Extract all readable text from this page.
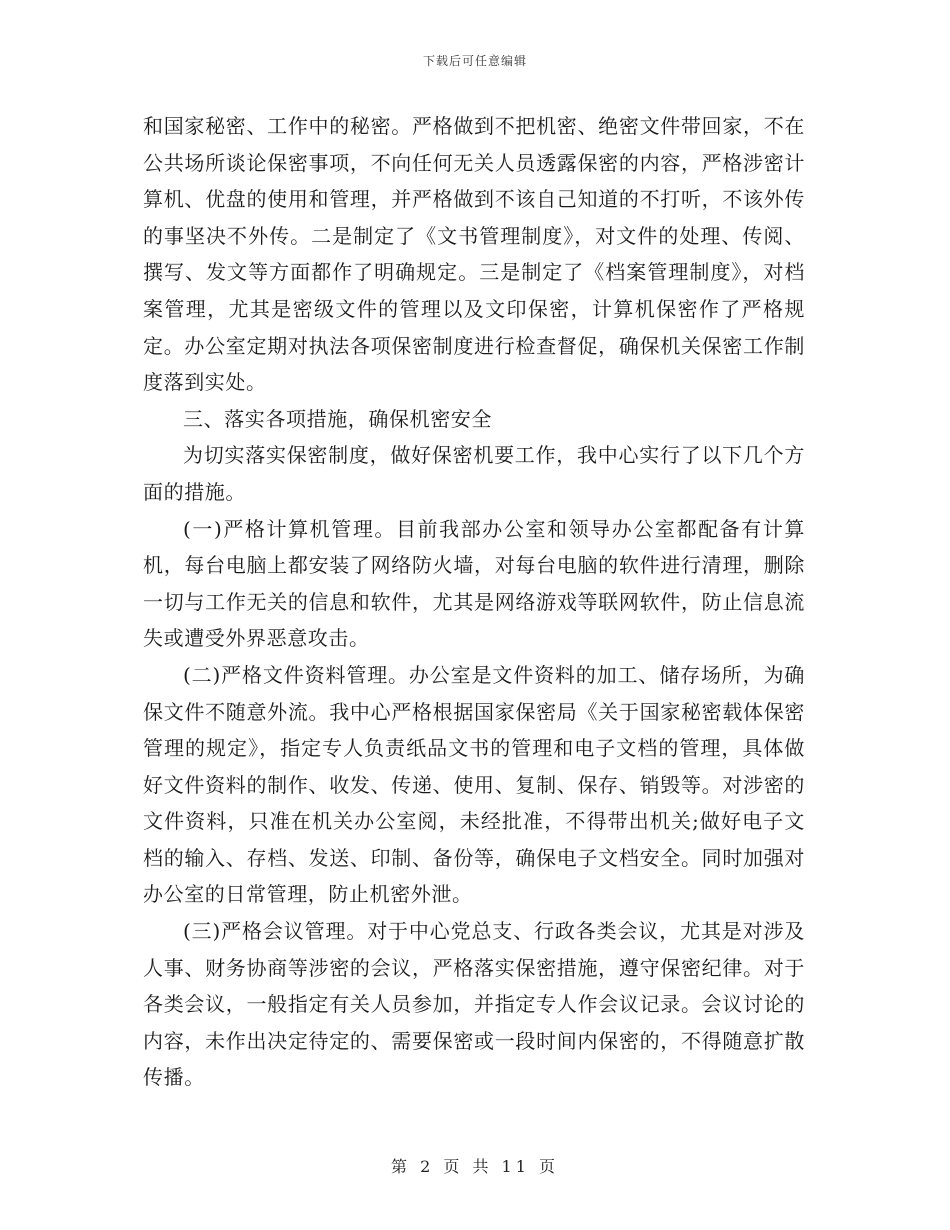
下载后可任意编辑

和国家秘密、工作中的秘密。严格做到不把机密、绝密文件带回家，不在公共场所谈论保密事项，不向任何无关人员透露保密的内容，严格涉密计算机、优盘的使用和管理，并严格做到不该自己知道的不打听，不该外传的事坚决不外传。二是制定了《文书管理制度》，对文件的处理、传阅、撰写、发文等方面都作了明确规定。三是制定了《档案管理制度》，对档案管理，尤其是密级文件的管理以及文印保密，计算机保密作了严格规定。办公室定期对执法各项保密制度进行检查督促，确保机关保密工作制度落到实处。

三、落实各项措施，确保机密安全

为切实落实保密制度，做好保密机要工作，我中心实行了以下几个方面的措施。

(一)严格计算机管理。目前我部办公室和领导办公室都配备有计算机，每台电脑上都安装了网络防火墙，对每台电脑的软件进行清理，删除一切与工作无关的信息和软件，尤其是网络游戏等联网软件，防止信息流失或遭受外界恶意攻击。

(二)严格文件资料管理。办公室是文件资料的加工、储存场所，为确保文件不随意外流。我中心严格根据国家保密局《关于国家秘密载体保密管理的规定》，指定专人负责纸品文书的管理和电子文档的管理，具体做好文件资料的制作、收发、传递、使用、复制、保存、销毁等。对涉密的文件资料，只准在机关办公室阅，未经批准，不得带出机关;做好电子文档的输入、存档、发送、印制、备份等，确保电子文档安全。同时加强对办公室的日常管理，防止机密外泄。

(三)严格会议管理。对于中心党总支、行政各类会议，尤其是对涉及人事、财务协商等涉密的会议，严格落实保密措施，遵守保密纪律。对于各类会议，一般指定有关人员参加，并指定专人作会议记录。会议讨论的内容，未作出决定待定的、需要保密或一段时间内保密的，不得随意扩散传播。

第 2 页 共 11 页
